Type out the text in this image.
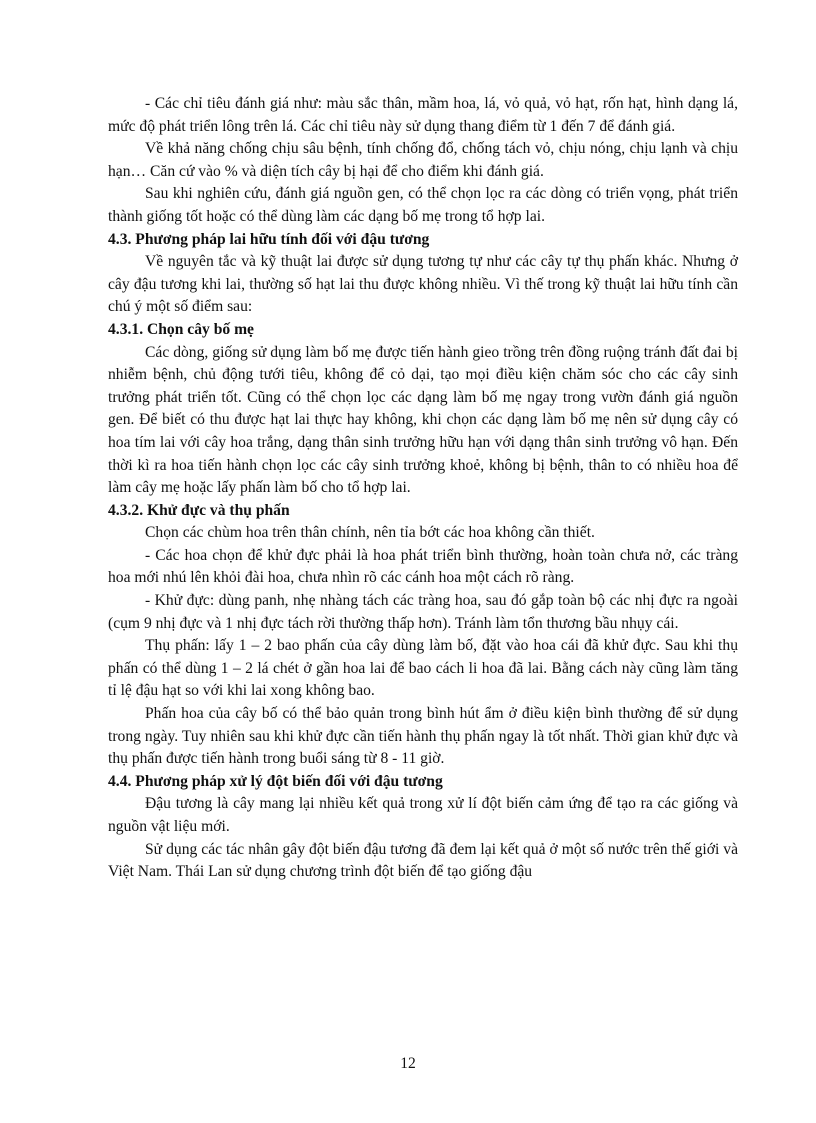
- Các chỉ tiêu đánh giá như: màu sắc thân, mầm hoa, lá, vỏ quả, vỏ hạt, rốn hạt, hình dạng lá, mức độ phát triển lông trên lá. Các chỉ tiêu này sử dụng thang điểm từ 1 đến 7 để đánh giá.

Về khả năng chống chịu sâu bệnh, tính chống đổ, chống tách vỏ, chịu nóng, chịu lạnh và chịu hạn… Căn cứ vào % và diện tích cây bị hại để cho điểm khi đánh giá.

Sau khi nghiên cứu, đánh giá nguồn gen, có thể chọn lọc ra các dòng có triển vọng, phát triển thành giống tốt hoặc có thể dùng làm các dạng bố mẹ trong tổ hợp lai.

4.3. Phương pháp lai hữu tính đối với đậu tương

Về nguyên tắc và kỹ thuật lai được sử dụng tương tự như các cây tự thụ phấn khác. Nhưng ở cây đậu tương khi lai, thường số hạt lai thu được không nhiều. Vì thế trong kỹ thuật lai hữu tính cần chú ý một số điểm sau:

4.3.1. Chọn cây bố mẹ

Các dòng, giống sử dụng làm bố mẹ được tiến hành gieo trồng trên đồng ruộng tránh đất đai bị nhiễm bệnh, chủ động tưới tiêu, không để cỏ dại, tạo mọi điều kiện chăm sóc cho các cây sinh trưởng phát triển tốt. Cũng có thể chọn lọc các dạng làm bố mẹ ngay trong vườn đánh giá nguồn gen. Để biết có thu được hạt lai thực hay không, khi chọn các dạng làm bố mẹ nên sử dụng cây có hoa tím lai với cây hoa trắng, dạng thân sinh trưởng hữu hạn với dạng thân sinh trưởng vô hạn. Đến thời kì ra hoa tiến hành chọn lọc các cây sinh trưởng khoẻ, không bị bệnh, thân to có nhiều hoa để làm cây mẹ hoặc lấy phấn làm bố cho tổ hợp lai.

4.3.2. Khử đực và thụ phấn

Chọn các chùm hoa trên thân chính, nên tỉa bớt các hoa không cần thiết.

- Các hoa chọn để khử đực phải là hoa phát triển bình thường, hoàn toàn chưa nở, các tràng hoa mới nhú lên khỏi đài hoa, chưa nhìn rõ các cánh hoa một cách rõ ràng.

- Khử đực: dùng panh, nhẹ nhàng tách các tràng hoa, sau đó gắp toàn bộ các nhị đực ra ngoài (cụm 9 nhị đực và 1 nhị đực tách rời thường thấp hơn). Tránh làm tổn thương bầu nhụy cái.

Thụ phấn: lấy 1 – 2 bao phấn của cây dùng làm bố, đặt vào hoa cái đã khử đực. Sau khi thụ phấn có thể dùng 1 – 2 lá chét ở gần hoa lai để bao cách li hoa đã lai. Bằng cách này cũng làm tăng tỉ lệ đậu hạt so với khi lai xong không bao.

Phấn hoa của cây bố có thể bảo quản trong bình hút ẩm ở điều kiện bình thường để sử dụng trong ngày. Tuy nhiên sau khi khử đực cần tiến hành thụ phấn ngay là tốt nhất. Thời gian khử đực và thụ phấn được tiến hành trong buổi sáng từ 8 - 11 giờ.

4.4. Phương pháp xử lý đột biến đối với đậu tương

Đậu tương là cây mang lại nhiều kết quả trong xử lí đột biến cảm ứng để tạo ra các giống và nguồn vật liệu mới.

Sử dụng các tác nhân gây đột biến đậu tương đã đem lại kết quả ở một số nước trên thế giới và Việt Nam. Thái Lan sử dụng chương trình đột biến để tạo giống đậu

12
